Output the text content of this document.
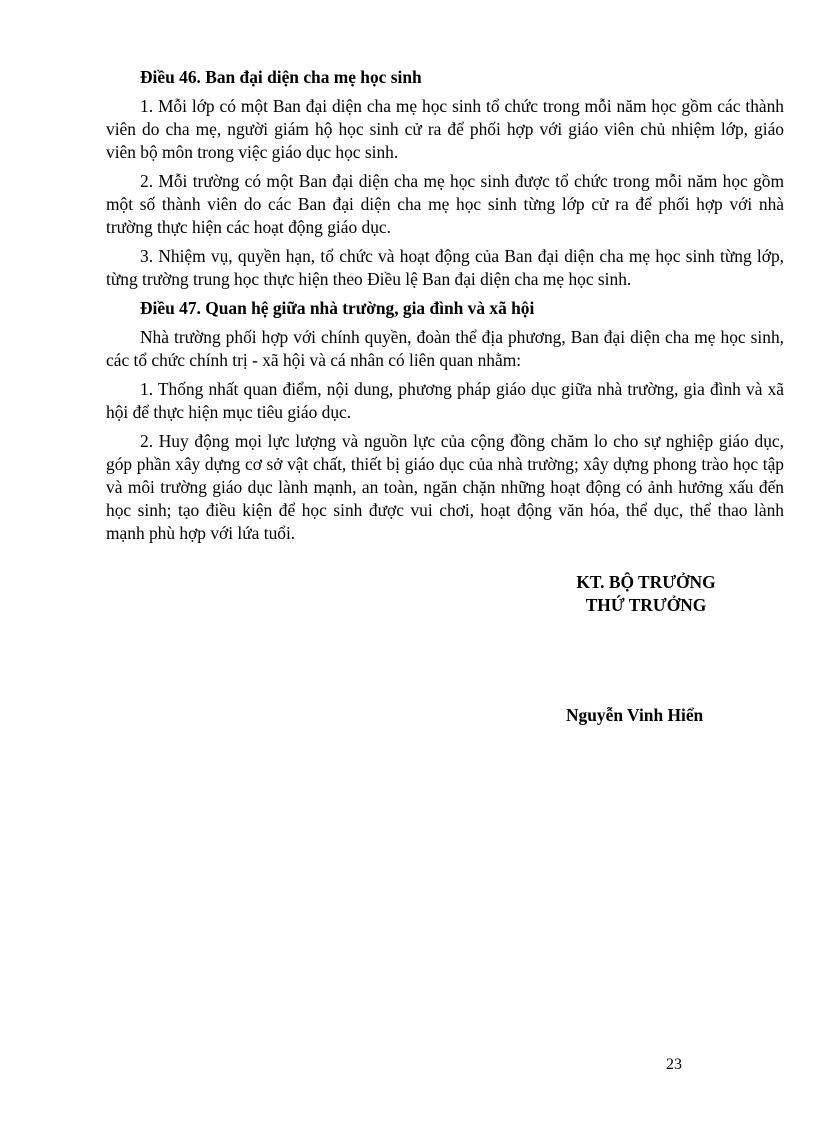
Điều 46. Ban đại diện cha mẹ học sinh

1. Mỗi lớp có một Ban đại diện cha mẹ học sinh tổ chức trong mỗi năm học gồm các thành viên do cha mẹ, người giám hộ học sinh cử ra để phối hợp với giáo viên chủ nhiệm lớp, giáo viên bộ môn trong việc giáo dục học sinh.

2. Mỗi trường có một Ban đại diện cha mẹ học sinh được tổ chức trong mỗi năm học gồm một số thành viên do các Ban đại diện cha mẹ học sinh từng lớp cử ra để phối hợp với nhà trường thực hiện các hoạt động giáo dục.

3. Nhiệm vụ, quyền hạn, tổ chức và hoạt động của Ban đại diện cha mẹ học sinh từng lớp, từng trường trung học thực hiện theo Điều lệ Ban đại diện cha mẹ học sinh.

Điều 47. Quan hệ giữa nhà trường, gia đình và xã hội

Nhà trường phối hợp với chính quyền, đoàn thể địa phương, Ban đại diện cha mẹ học sinh, các tổ chức chính trị - xã hội và cá nhân có liên quan nhằm:

1. Thống nhất quan điểm, nội dung, phương pháp giáo dục giữa nhà trường, gia đình và xã hội để thực hiện mục tiêu giáo dục.

2. Huy động mọi lực lượng và nguồn lực của cộng đồng chăm lo cho sự nghiệp giáo dục, góp phần xây dựng cơ sở vật chất, thiết bị giáo dục của nhà trường; xây dựng phong trào học tập và môi trường giáo dục lành mạnh, an toàn, ngăn chặn những hoạt động có ảnh hưởng xấu đến học sinh; tạo điều kiện để học sinh được vui chơi, hoạt động văn hóa, thể dục, thể thao lành mạnh phù hợp với lứa tuổi.

KT. BỘ TRƯỞNG
THỨ TRƯỞNG
Nguyễn Vinh Hiển
23
